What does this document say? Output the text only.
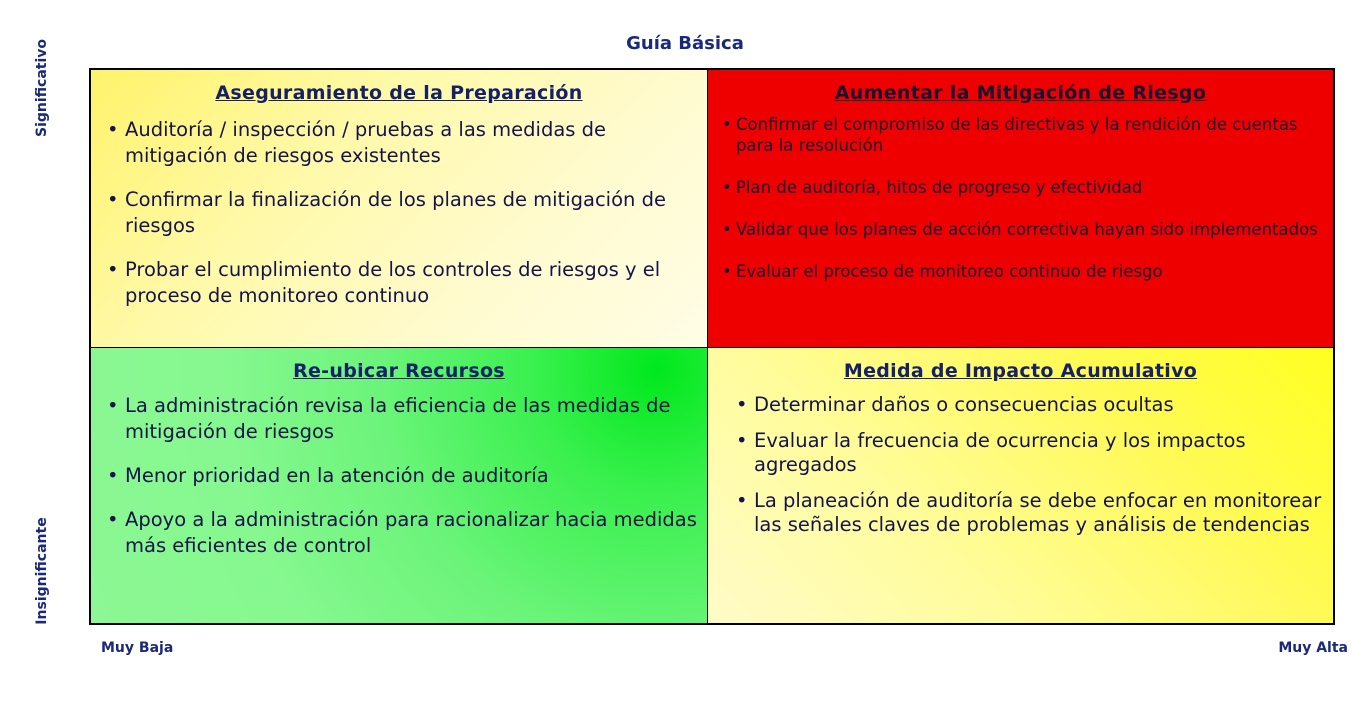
Guía Básica
Significativo
Insignificante
Aseguramiento de la Preparación
• Auditoría / inspección / pruebas a las medidas de mitigación de riesgos existentes
• Confirmar la finalización de los planes de mitigación de riesgos
• Probar el cumplimiento de los controles de riesgos y el proceso de monitoreo continuo
Aumentar la Mitigación de Riesgo
• Confirmar el compromiso de las directivas y la rendición de cuentas para la resolución
• Plan de auditoría, hitos de progreso y efectividad
• Validar que los planes de acción correctiva hayan sido implementados
• Evaluar el proceso de monitoreo continuo de riesgo
Re-ubicar Recursos
• La administración revisa la eficiencia de las medidas de mitigación de riesgos
• Menor prioridad en la atención de auditoría
• Apoyo a la administración para racionalizar hacia medidas más eficientes de control
Medida de Impacto Acumulativo
• Determinar daños o consecuencias ocultas
• Evaluar la frecuencia de ocurrencia y los impactos agregados
• La planeación de auditoría se debe enfocar en monitorear las señales claves de problemas y análisis de tendencias
Muy Baja	Muy Alta
